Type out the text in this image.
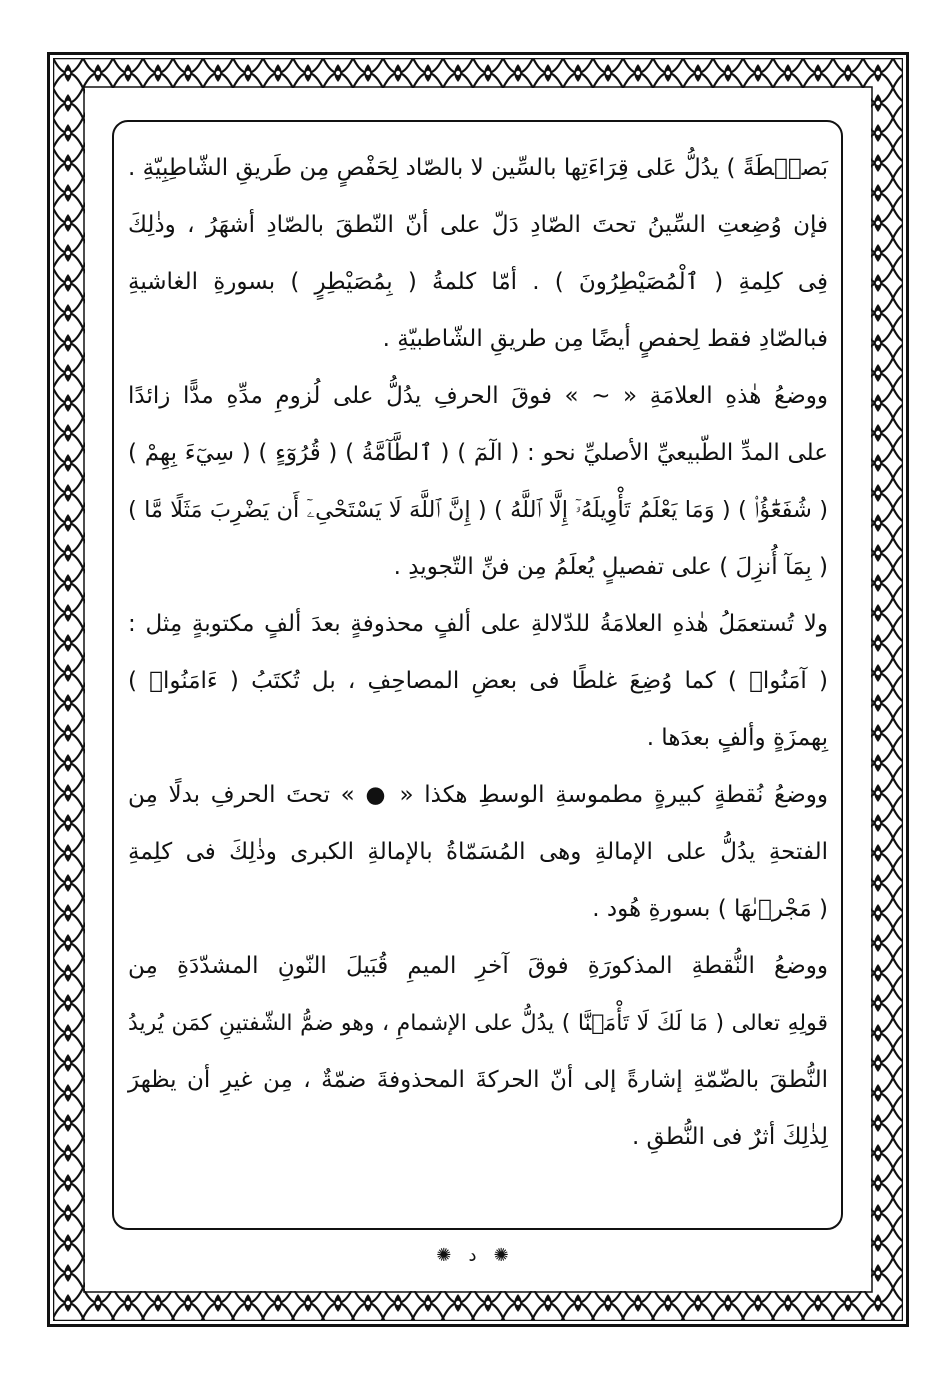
بَصۜۜطَةً ) يدُلُّ عَلى قِرَاءَتِها بالسِّين لا بالصّاد لِحَفْصٍ مِن طَريقِ الشّاطِبِيّةِ .
فإن وُضِعتِ السِّينُ تحتَ الصّادِ دَلّ على أنّ النّطقَ بالصّادِ أشهَرُ ، وذٰلِكَ
فِى كلِمةِ ( ٱلْمُصَيْطِرُونَ ) . أمّا كلمةُ ( بِمُصَيْطِرٍ ) بسورةِ الغاشيةِ
فبالصّادِ فقط لِحفصٍ أيضًا مِن طريقِ الشّاطبيّةِ .
ووضعُ هٰذهِ العلامَةِ « ~ » فوقَ الحرفِ يدُلُّ على لُزومِ مدِّهِ مدًّا زائدًا
على المدِّ الطّبيعيِّ الأصليِّ نحو : ( الٓمٓ ) ( ٱلطَّآمَّةُ ) ( قُرُوٓءٍ ) ( سِيٓءَ بِهِمْ )
( شُفَعَٰٓؤُا۟ ) ( وَمَا يَعْلَمُ تَأْوِيلَهُۥٓ إِلَّا ٱللَّهُ ) ( إِنَّ ٱللَّهَ لَا يَسْتَحْىِۦٓ أَن يَضْرِبَ مَثَلًا مَّا )
( بِمَآ أُنزِلَ ) على تفصيلٍ يُعلَمُ مِن فنِّ التّجويدِ .
ولا تُستعمَلُ هٰذهِ العلامَةُ للدّلالةِ على ألفٍ محذوفةٍ بعدَ ألفٍ مكتوبةٍ مِثل :
( آمَنُوا۟ ) كما وُضِعَ غلطًا فى بعضِ المصاحِفِ ، بل تُكتَبُ ( ءَامَنُوا۟ )
بِهمزَةٍ وألفٍ بعدَها .
ووضعُ نُقطةٍ كبيرةٍ مطموسةِ الوسطِ هكذا « ● » تحتَ الحرفِ بدلًا مِن
الفتحةِ يدُلُّ على الإمالةِ وهى المُسَمّاةُ بالإمالةِ الكبرى وذٰلِكَ فى كلِمةِ
( مَجْر۪ىٰهَا ) بسورةِ هُود .
ووضعُ النُّقطةِ المذكورَةِ فوقَ آخرِ الميمِ قُبَيلَ النّونِ المشدّدَةِ مِن
قولِهِ تعالى ( مَا لَكَ لَا تَأْمَ۫نَّا ) يدُلُّ على الإشمامِ ، وهو ضمُّ الشّفتينِ كمَن يُريدُ
النُّطقَ بالضّمّةِ إشارةً إلى أنّ الحركةَ المحذوفةَ ضمّةٌ ، مِن غيرِ أن يظهرَ
لِذٰلِكَ أثرٌ فى النُّطقِ .
✺   د   ✺
